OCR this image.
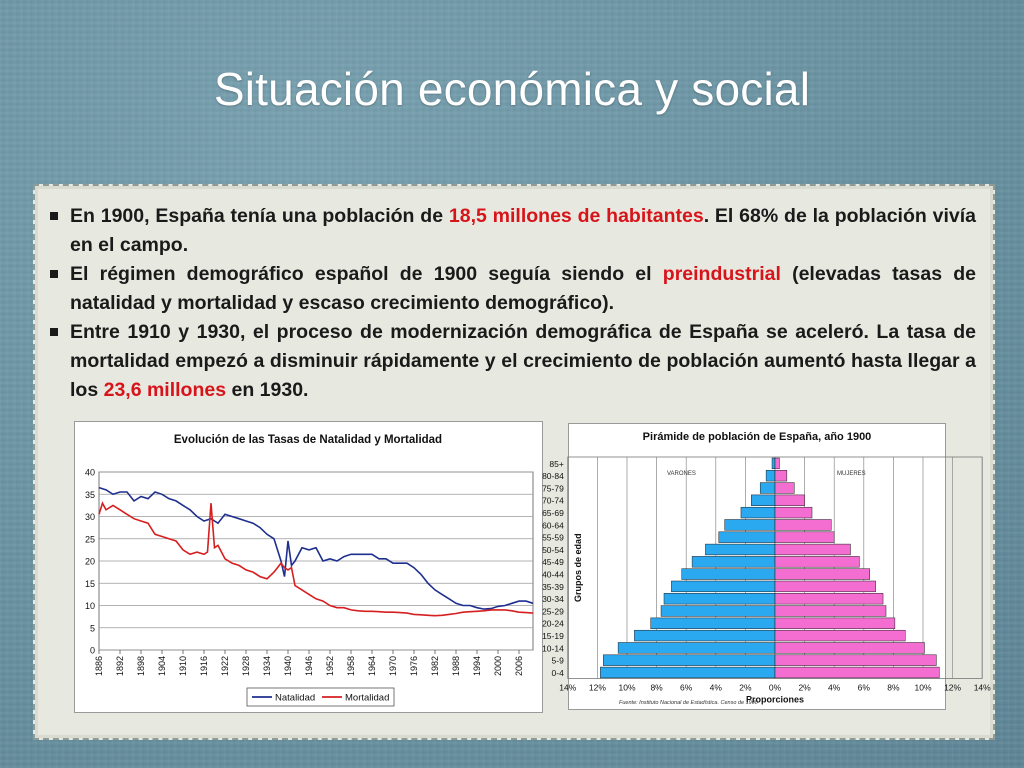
Situación económica y social
En 1900, España tenía una población de 18,5 millones de habitantes. El 68% de la población vivía en el campo.
El régimen demográfico español de 1900 seguía siendo el preindustrial (elevadas tasas de natalidad y mortalidad y escaso crecimiento demográfico).
Entre 1910 y 1930, el proceso de modernización demográfica de España se aceleró. La tasa de mortalidad empezó a disminuir rápidamente y el crecimiento de población aumentó hasta llegar a los 23,6 millones en 1930.
Evolución de las Tasas de Natalidad y Mortalidad
0
5
10
15
20
25
30
35
40
1886 1892 1898 1904 1910 1916 1922 1928 1934 1940 1946 1952 1958 1964 1970 1976 1982 1988 1994 2000 2006
Natalidad	Mortalidad
Pirámide de población de España, año 1900
85+
80-84
75-79
70-74
65-69
60-64
55-59
50-54
45-49
40-44
35-39
30-34
25-29
20-24
15-19
10-14
5-9
0-4
14% 12% 10% 8% 6% 4% 2% 0% 2% 4% 6% 8% 10% 12% 14%
Proporciones
Grupos de edad
VARONES	MUJERES
Fuente: Instituto Nacional de Estadística. Censo de 1900
